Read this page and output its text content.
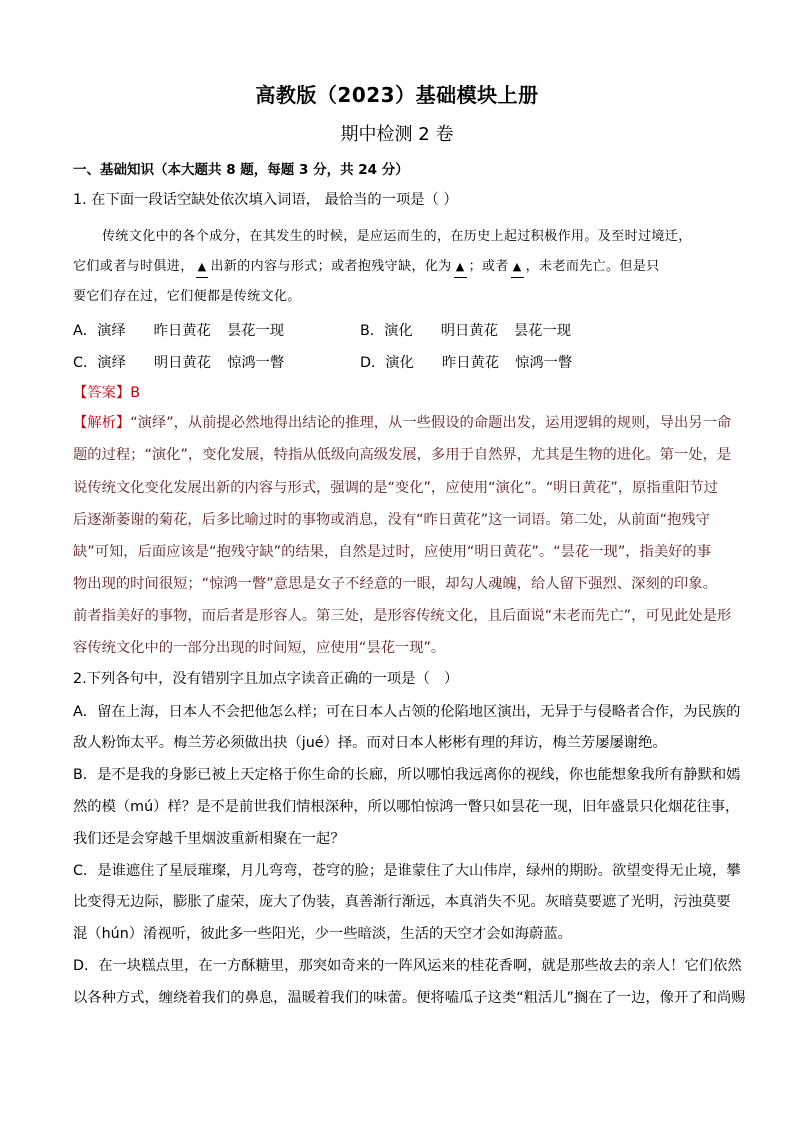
高教版（2023）基础模块上册
期中检测 2 卷
一、基础知识（本大题共 8 题，每题 3 分，共 24 分）
1. 在下面一段话空缺处依次填入词语， 最恰当的一项是（ ）
传统文化中的各个成分，在其发生的时候，是应运而生的，在历史上起过积极作用。及至时过境迁，
它们或者与时俱进， ▲ 出新的内容与形式；或者抱残守缺，化为 ▲ ；或者 ▲ ，未老而先亡。但是只
要它们存在过，它们便都是传统文化。
A．演绎 昨日黄花 昙花一现	B．演化 明日黄花 昙花一现
C．演绎 明日黄花 惊鸿一瞥	D．演化 昨日黄花 惊鸿一瞥
【答案】B
【解析】“演绎”，从前提必然地得出结论的推理，从一些假设的命题出发，运用逻辑的规则，导出另一命
题的过程；“演化”，变化发展，特指从低级向高级发展，多用于自然界，尤其是生物的进化。第一处，是
说传统文化变化发展出新的内容与形式，强调的是“变化”，应使用“演化”。“明日黄花”，原指重阳节过
后逐渐萎谢的菊花，后多比喻过时的事物或消息，没有“昨日黄花”这一词语。第二处，从前面“抱残守
缺”可知，后面应该是“抱残守缺”的结果，自然是过时，应使用“明日黄花”。“昙花一现”，指美好的事
物出现的时间很短；“惊鸿一瞥”意思是女子不经意的一眼，却勾人魂魄，给人留下强烈、深刻的印象。
前者指美好的事物，而后者是形容人。第三处，是形容传统文化，且后面说“未老而先亡”，可见此处是形
容传统文化中的一部分出现的时间短，应使用“昙花一现”。
2.下列各句中，没有错别字且加点字读音正确的一项是（　）
A．留在上海，日本人不会把他怎么样；可在日本人占领的伦陷地区演出，无异于与侵略者合作，为民族的
敌人粉饰太平。梅兰芳必须做出抉（jué）择。而对日本人彬彬有理的拜访，梅兰芳屡屡谢绝。
B．是不是我的身影已被上天定格于你生命的长廊，所以哪怕我远离你的视线，你也能想象我所有静默和嫣
然的模（mú）样？是不是前世我们情根深种，所以哪怕惊鸿一瞥只如昙花一现，旧年盛景只化烟花往事，
我们还是会穿越千里烟波重新相聚在一起？
C．是谁遮住了星辰璀璨，月儿弯弯，苍穹的脸；是谁蒙住了大山伟岸，绿州的期盼。欲望变得无止境，攀
比变得无边际，膨胀了虚荣，庞大了伪装，真善渐行渐远，本真消失不见。灰暗莫要遮了光明，污浊莫要
混（hún）淆视听，彼此多一些阳光，少一些暗淡，生活的天空才会如海蔚蓝。
D．在一块糕点里，在一方酥糖里，那突如奇来的一阵风运来的桂花香啊，就是那些故去的亲人！它们依然
以各种方式，缠绕着我们的鼻息，温暖着我们的味蕾。便将嗑瓜子这类“粗活儿”搁在了一边，像开了和尚赐
